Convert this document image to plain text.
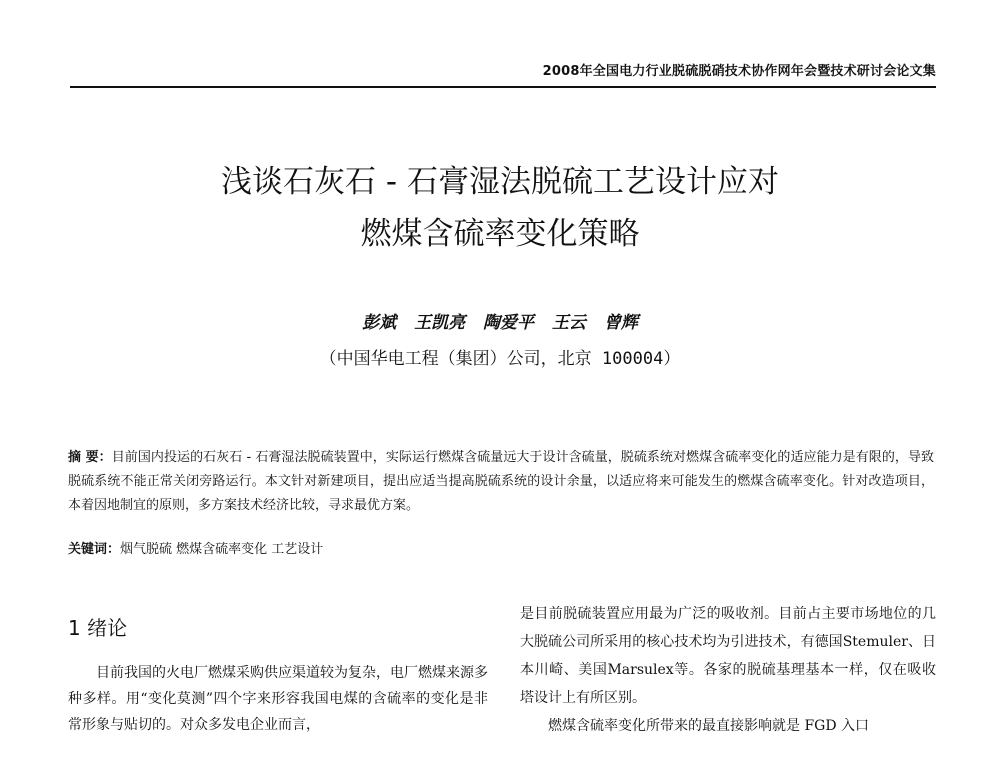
2008年全国电力行业脱硫脱硝技术协作网年会暨技术研讨会论文集
浅谈石灰石 - 石膏湿法脱硫工艺设计应对
燃煤含硫率变化策略
彭斌 王凯亮 陶爱平 王云 曾辉
（中国华电工程（集团）公司，北京 100004）
摘 要：目前国内投运的石灰石 - 石膏湿法脱硫装置中，实际运行燃煤含硫量远大于设计含硫量，脱硫系统对燃煤含硫率变化的适应能力是有限的，导致脱硫系统不能正常关闭旁路运行。本文针对新建项目，提出应适当提高脱硫系统的设计余量，以适应将来可能发生的燃煤含硫率变化。针对改造项目，本着因地制宜的原则，多方案技术经济比较，寻求最优方案。
关键词：烟气脱硫 燃煤含硫率变化 工艺设计
1 绪论

目前我国的火电厂燃煤采购供应渠道较为复杂，电厂燃煤来源多种多样。用“变化莫测”四个字来形容我国电煤的含硫率的变化是非常形象与贴切的。对众多发电企业而言，

是目前脱硫装置应用最为广泛的吸收剂。目前占主要市场地位的几大脱硫公司所采用的核心技术均为引进技术，有德国Stemuler、日本川崎、美国Marsulex等。各家的脱硫基理基本一样，仅在吸收塔设计上有所区别。

燃煤含硫率变化所带来的最直接影响就是 FGD 入口
